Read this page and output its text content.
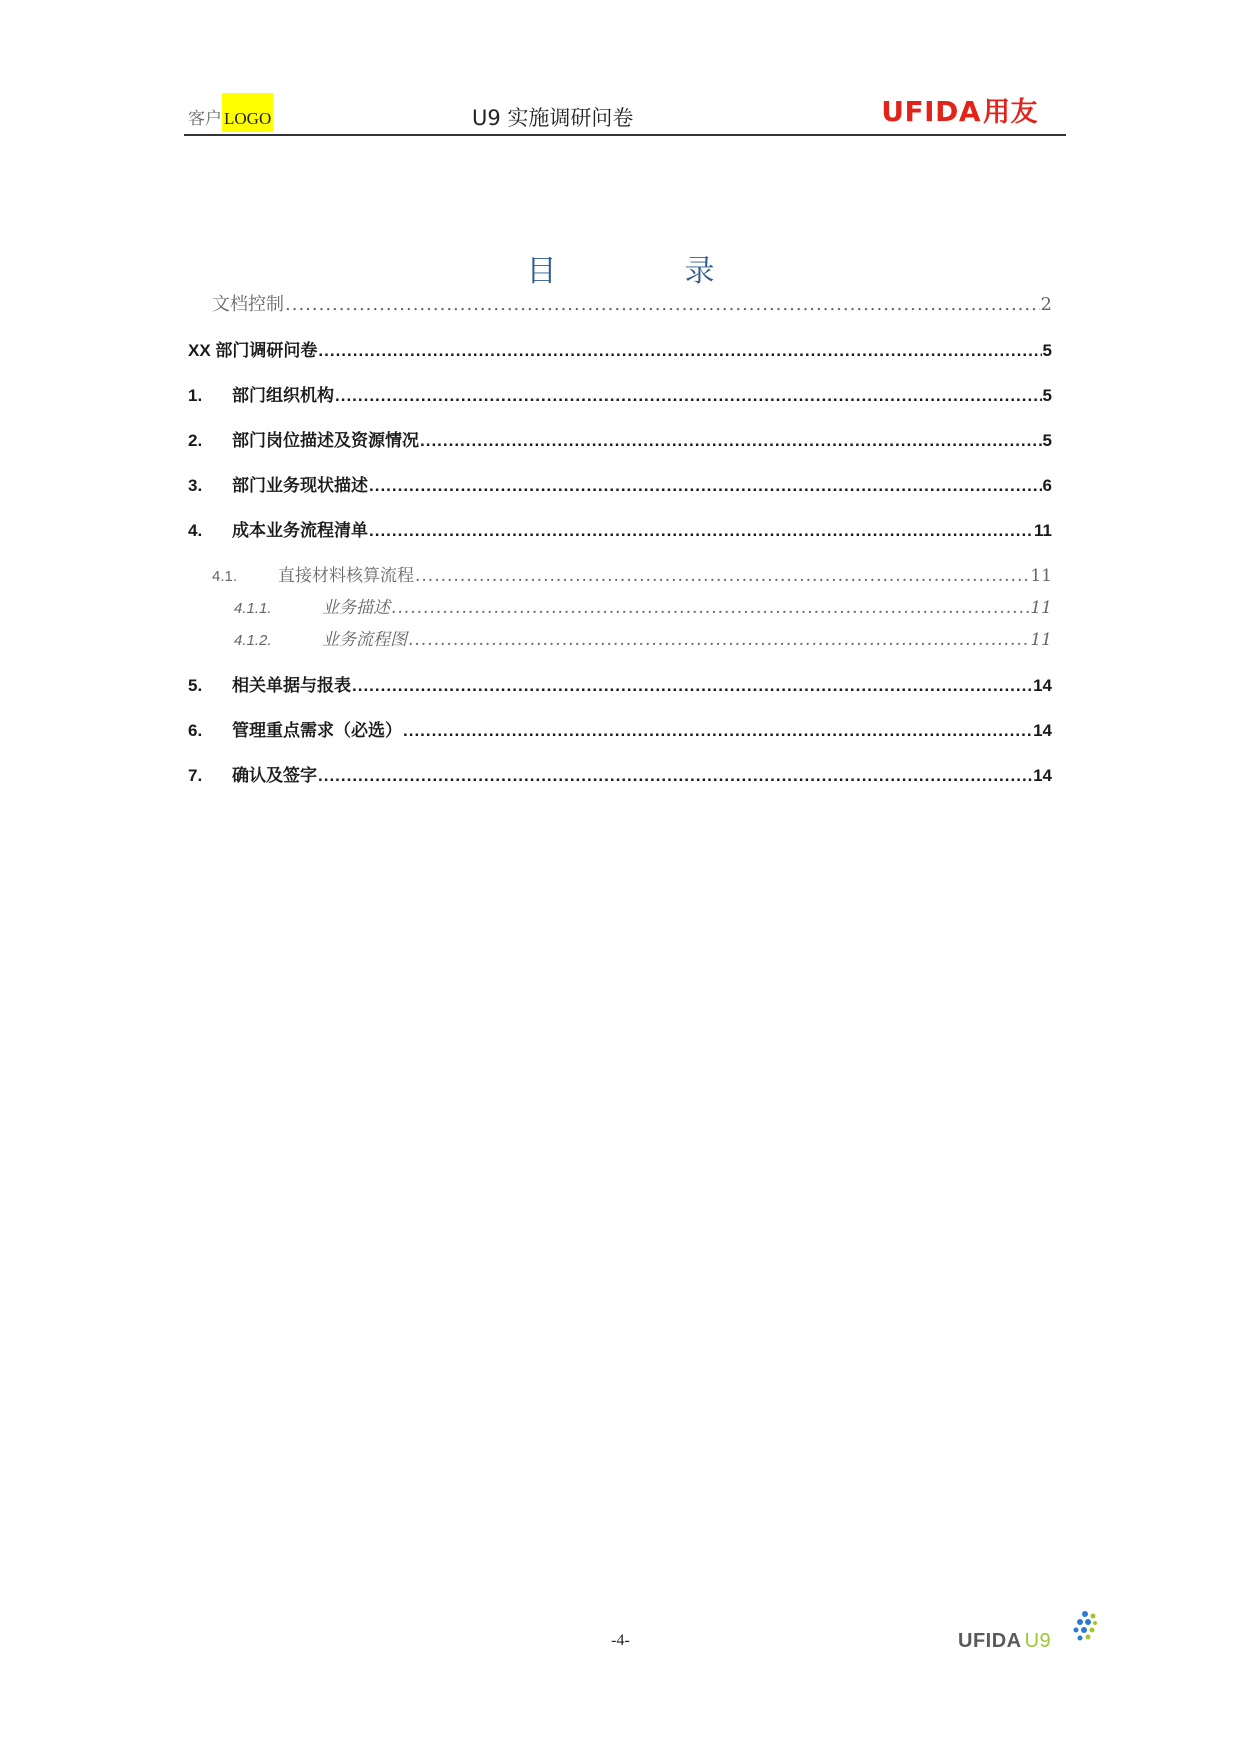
客户 LOGO	U9 实施调研问卷	UFIDA用友
目	录
文档控制 .....	2
XX 部门调研问卷 .....	5
1.	部门组织机构 .....	5
2.	部门岗位描述及资源情况 .....	5
3.	部门业务现状描述 .....	6
4.	成本业务流程清单 .....	11
4.1.	直接材料核算流程 .....	11
4.1.1.	业务描述 .....	11
4.1.2.	业务流程图 .....	11
5.	相关单据与报表 .....	14
6.	管理重点需求（必选） .....	14
7.	确认及签字 .....	14
-4-	UFIDA U9
